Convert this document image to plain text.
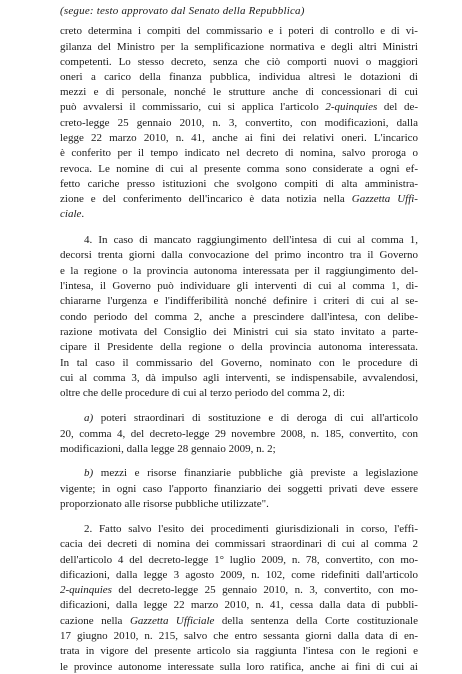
(segue: testo approvato dal Senato della Repubblica)
creto determina i compiti del commissario e i poteri di controllo e di vi-
gilanza del Ministro per la semplificazione normativa e degli altri Ministri
competenti. Lo stesso decreto, senza che ciò comporti nuovi o maggiori
oneri a carico della finanza pubblica, individua altresì le dotazioni di
mezzi e di personale, nonché le strutture anche di concessionari di cui
può avvalersi il commissario, cui si applica l'articolo 2-quinquies del de-
creto-legge 25 gennaio 2010, n. 3, convertito, con modificazioni, dalla
legge 22 marzo 2010, n. 41, anche ai fini dei relativi oneri. L'incarico
è conferito per il tempo indicato nel decreto di nomina, salvo proroga o
revoca. Le nomine di cui al presente comma sono considerate a ogni ef-
fetto cariche presso istituzioni che svolgono compiti di alta amministra-
zione e del conferimento dell'incarico è data notizia nella Gazzetta Uffi-
ciale.
4. In caso di mancato raggiungimento dell'intesa di cui al comma 1,
decorsi trenta giorni dalla convocazione del primo incontro tra il Governo
e la regione o la provincia autonoma interessata per il raggiungimento del-
l'intesa, il Governo può individuare gli interventi di cui al comma 1, di-
chiararne l'urgenza e l'indifferibilità nonché definire i criteri di cui al se-
condo periodo del comma 2, anche a prescindere dall'intesa, con delibe-
razione motivata del Consiglio dei Ministri cui sia stato invitato a parte-
cipare il Presidente della regione o della provincia autonoma interessata.
In tal caso il commissario del Governo, nominato con le procedure di
cui al comma 3, dà impulso agli interventi, se indispensabile, avvalendosi,
oltre che delle procedure di cui al terzo periodo del comma 2, di:
a) poteri straordinari di sostituzione e di deroga di cui all'articolo
20, comma 4, del decreto-legge 29 novembre 2008, n. 185, convertito, con
modificazioni, dalla legge 28 gennaio 2009, n. 2;
b) mezzi e risorse finanziarie pubbliche già previste a legislazione
vigente; in ogni caso l'apporto finanziario dei soggetti privati deve essere
proporzionato alle risorse pubbliche utilizzate".
2. Fatto salvo l'esito dei procedimenti giurisdizionali in corso, l'effi-
cacia dei decreti di nomina dei commissari straordinari di cui al comma 2
dell'articolo 4 del decreto-legge 1° luglio 2009, n. 78, convertito, con mo-
dificazioni, dalla legge 3 agosto 2009, n. 102, come ridefiniti dall'articolo
2-quinquies del decreto-legge 25 gennaio 2010, n. 3, convertito, con mo-
dificazioni, dalla legge 22 marzo 2010, n. 41, cessa dalla data di pubbli-
cazione nella Gazzetta Ufficiale della sentenza della Corte costituzionale
17 giugno 2010, n. 215, salvo che entro sessanta giorni dalla data di en-
trata in vigore del presente articolo sia raggiunta l'intesa con le regioni e
le province autonome interessate sulla loro ratifica, anche ai fini di cui ai
